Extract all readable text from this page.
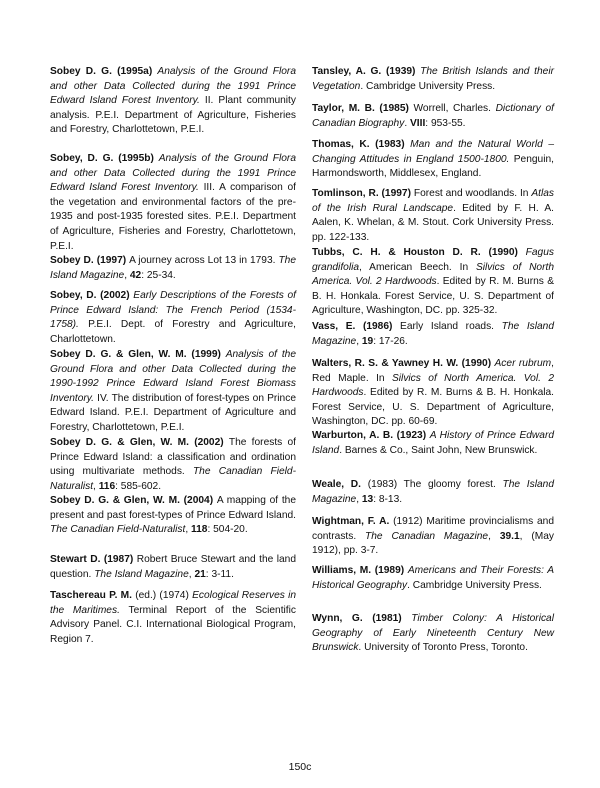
Sobey D. G. (1995a) Analysis of the Ground Flora and other Data Collected during the 1991 Prince Edward Island Forest Inventory. II. Plant community analysis. P.E.I. Department of Agriculture, Fisheries and Forestry, Charlottetown, P.E.I.
Sobey, D. G. (1995b) Analysis of the Ground Flora and other Data Collected during the 1991 Prince Edward Island Forest Inventory. III. A comparison of the vegetation and environmental factors of the pre-1935 and post-1935 forested sites. P.E.I. Department of Agriculture, Fisheries and Forestry, Charlottetown, P.E.I.
Sobey D. (1997) A journey across Lot 13 in 1793. The Island Magazine, 42: 25-34.
Sobey, D. (2002) Early Descriptions of the Forests of Prince Edward Island: The French Period (1534-1758). P.E.I. Dept. of Forestry and Agriculture, Charlottetown.
Sobey D. G. & Glen, W. M. (1999) Analysis of the Ground Flora and other Data Collected during the 1990-1992 Prince Edward Island Forest Biomass Inventory. IV. The distribution of forest-types on Prince Edward Island. P.E.I. Department of Agriculture and Forestry, Charlottetown, P.E.I.
Sobey D. G. & Glen, W. M. (2002) The forests of Prince Edward Island: a classification and ordination using multivariate methods. The Canadian Field-Naturalist, 116: 585-602.
Sobey D. G. & Glen, W. M. (2004) A mapping of the present and past forest-types of Prince Edward Island. The Canadian Field-Naturalist, 118: 504-20.
Stewart D. (1987) Robert Bruce Stewart and the land question. The Island Magazine, 21: 3-11.
Taschereau P. M. (ed.) (1974) Ecological Reserves in the Maritimes. Terminal Report of the Scientific Advisory Panel. C.I. International Biological Program, Region 7.
Tansley, A. G. (1939) The British Islands and their Vegetation. Cambridge University Press.
Taylor, M. B. (1985) Worrell, Charles. Dictionary of Canadian Biography. VIII: 953-55.
Thomas, K. (1983) Man and the Natural World – Changing Attitudes in England 1500-1800. Penguin, Harmondsworth, Middlesex, England.
Tomlinson, R. (1997) Forest and woodlands. In Atlas of the Irish Rural Landscape. Edited by F. H. A. Aalen, K. Whelan, & M. Stout. Cork University Press. pp. 122-133.
Tubbs, C. H. & Houston D. R. (1990) Fagus grandifolia, American Beech. In Silvics of North America. Vol. 2 Hardwoods. Edited by R. M. Burns & B. H. Honkala. Forest Service, U. S. Department of Agriculture, Washington, DC. pp. 325-32.
Vass, E. (1986) Early Island roads. The Island Magazine, 19: 17-26.
Walters, R. S. & Yawney H. W. (1990) Acer rubrum, Red Maple. In Silvics of North America. Vol. 2 Hardwoods. Edited by R. M. Burns & B. H. Honkala. Forest Service, U. S. Department of Agriculture, Washington, DC. pp. 60-69.
Warburton, A. B. (1923) A History of Prince Edward Island. Barnes & Co., Saint John, New Brunswick.
Weale, D. (1983) The gloomy forest. The Island Magazine, 13: 8-13.
Wightman, F. A. (1912) Maritime provincialisms and contrasts. The Canadian Magazine, 39.1, (May 1912), pp. 3-7.
Williams, M. (1989) Americans and Their Forests: A Historical Geography. Cambridge University Press.
Wynn, G. (1981) Timber Colony: A Historical Geography of Early Nineteenth Century New Brunswick. University of Toronto Press, Toronto.
150c
